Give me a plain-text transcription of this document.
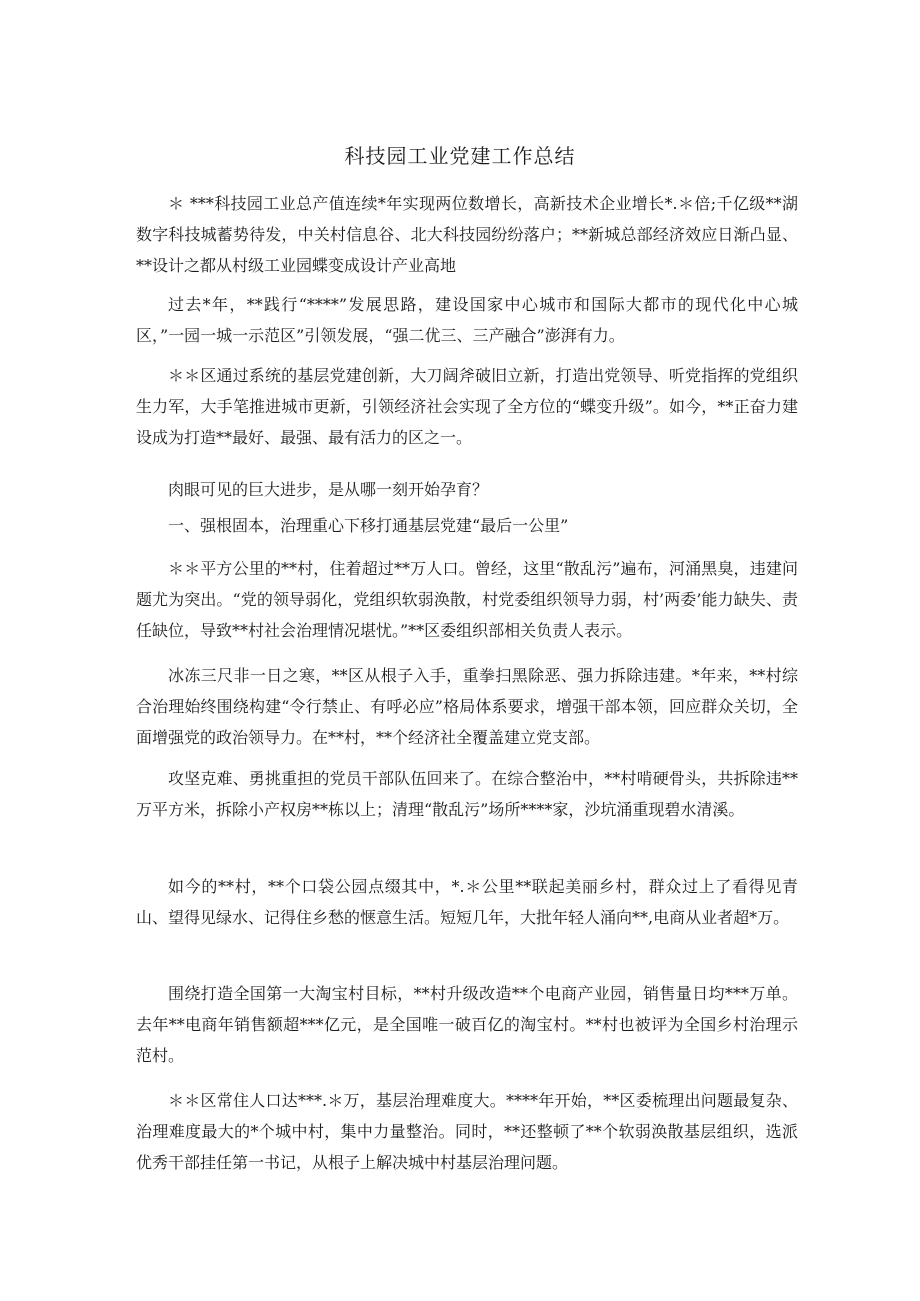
科技园工业党建工作总结

＊ ***科技园工业总产值连续*年实现两位数增长，高新技术企业增长*.＊倍;千亿级**湖数字科技城蓄势待发，中关村信息谷、北大科技园纷纷落户；**新城总部经济效应日渐凸显、**设计之都从村级工业园蝶变成设计产业高地

过去*年，**践行“****”发展思路，建设国家中心城市和国际大都市的现代化中心城区，”一园一城一示范区”引领发展，“强二优三、三产融合”澎湃有力。

＊＊区通过系统的基层党建创新，大刀阔斧破旧立新，打造出党领导、听党指挥的党组织生力军，大手笔推进城市更新，引领经济社会实现了全方位的“蝶变升级”。如今，**正奋力建设成为打造**最好、最强、最有活力的区之一。

肉眼可见的巨大进步，是从哪一刻开始孕育？

一、强根固本，治理重心下移打通基层党建“最后一公里”

＊＊平方公里的**村，住着超过**万人口。曾经，这里“散乱污”遍布，河涌黑臭，违建问题尤为突出。“党的领导弱化，党组织软弱涣散，村党委组织领导力弱，村’两委’能力缺失、责任缺位，导致**村社会治理情况堪忧。”**区委组织部相关负责人表示。

冰冻三尺非一日之寒，**区从根子入手，重拳扫黑除恶、强力拆除违建。*年来，**村综合治理始终围绕构建“令行禁止、有呼必应”格局体系要求，增强干部本领，回应群众关切，全面增强党的政治领导力。在**村，**个经济社全覆盖建立党支部。

攻坚克难、勇挑重担的党员干部队伍回来了。在综合整治中，**村啃硬骨头，共拆除违**万平方米，拆除小产权房**栋以上；清理“散乱污”场所****家，沙坑涌重现碧水清溪。

如今的**村，**个口袋公园点缀其中，*.＊公里**联起美丽乡村，群众过上了看得见青山、望得见绿水、记得住乡愁的惬意生活。短短几年，大批年轻人涌向**,电商从业者超*万。

围绕打造全国第一大淘宝村目标，**村升级改造**个电商产业园，销售量日均***万单。去年**电商年销售额超***亿元，是全国唯一破百亿的淘宝村。**村也被评为全国乡村治理示范村。

＊＊区常住人口达***.＊万，基层治理难度大。****年开始，**区委梳理出问题最复杂、治理难度最大的*个城中村，集中力量整治。同时，**还整顿了**个软弱涣散基层组织，选派优秀干部挂任第一书记，从根子上解决城中村基层治理问题。
